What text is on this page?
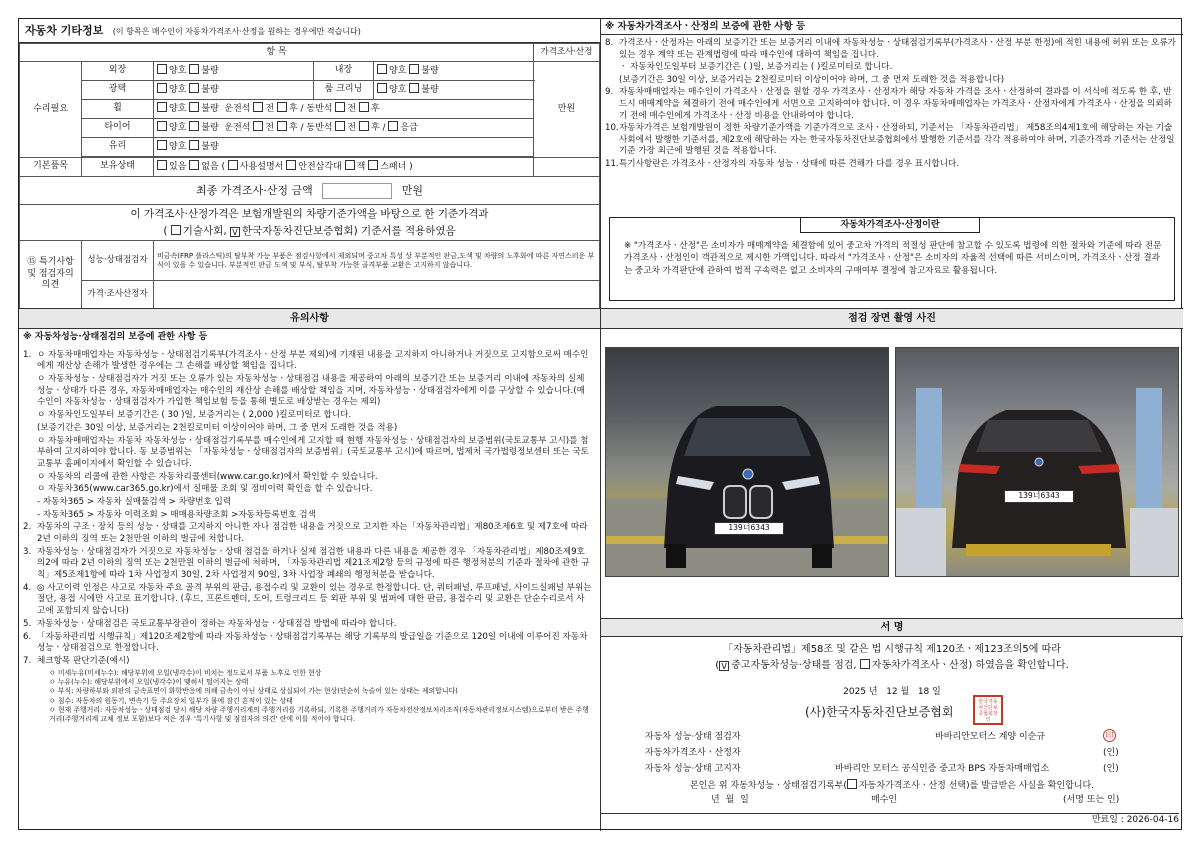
자동차 기타정보 (이 항목은 매수인이 자동차가격조사·산정을 원하는 경우에만 적습니다)
항 목					가격조사·산정
수리필요	외장	양호 불량	내장	양호 불량	만원
	광택	양호 불량	룸 크리닝	양호 불량	
	휠	양호 불량 운전석 전 후 / 동반석 전 후			
	타이어	양호 불량 운전석 전 후 / 동반석 전 후 / 응급			
	유리	양호 불량			

기본품목	보유상태	있음 없음 ( 사용설명서 안전삼각대 잭 스패너 )			
최종 가격조사·산정 금액 만원					

이 가격조사·산정가격은 보험개발원의 차량기준가액을 바탕으로 한 기준가격과
( 기술사회, V 한국자동차진단보증협회) 기준서를 적용하였음					

⑮ 특기사항 및 점검자의 의견	성능·상태점검자	비금속(FRP 플라스틱)의 탈부착 가능 부품은 점검사항에서 제외되며 중고차 특성 상 부분적인 판금,도색 및 차량의 노후화에 따른 자연스러운 부식이 있을 수 있습니다. 부분적인 판금 도색 및 부식, 탈부착 가능한 골격부품 교환은 고지하지 않습니다.			
	가격·조사산정자				
※ 자동차가격조사ㆍ산정의 보증에 관한 사항 등
8. 가격조사ㆍ산정자는 아래의 보증기간 또는 보증거리 이내에 자동차성능ㆍ상태점검기록부(가격조사ㆍ산정 부분 한정)에 적힌 내용에 허위 또는 오류가 있는 경우 계약 또는 관계법령에 따라 매수인에 대하여 책임을 집니다.
ㆍ 자동차인도일부터 보증기간은 ( )일, 보증거리는 ( )킬로미터로 합니다.
(보증기간은 30일 이상, 보증거리는 2천킬로미터 이상이어야 하며, 그 중 먼저 도래한 것을 적용합니다)
9. 자동차매매업자는 매수인이 가격조사ㆍ산정을 원할 경우 가격조사ㆍ산정자가 해당 자동차 가격을 조사ㆍ산정하여 결과를 이 서식에 적도록 한 후, 반드시 매매계약을 체결하기 전에 매수인에게 서면으로 고지하여야 합니다. 이 경우 자동차매매업자는 가격조사ㆍ산정자에게 가격조사ㆍ산정을 의뢰하기 전에 매수인에게 가격조사ㆍ산정 비용을 안내하여야 합니다.
10. 자동차가격은 보험개발원이 정한 차량기준가액을 기준가격으로 조사ㆍ산정하되, 기준서는 「자동차관리법」 제58조의4제1호에 해당하는 자는 기술사회에서 발행한 기준서를, 제2호에 해당하는 자는 한국자동차진단보증협회에서 발행한 기준서를 각각 적용하여야 하며, 기준가격과 기준서는 산정일 기준 가장 최근에 발행된 것을 적용합니다.
11. 특기사항란은 가격조사ㆍ산정자의 자동차 성능ㆍ상태에 따른 견해가 다를 경우 표시합니다.
자동차가격조사·산정이란
※ "가격조사ㆍ산정"은 소비자가 매매계약을 체결함에 있어 중고차 가격의 적절성 판단에 참고할 수 있도록 법령에 의한 절차와 기준에 따라 전문 가격조사ㆍ산정인이 객관적으로 제시한 가액입니다. 따라서 "가격조사ㆍ산정"은 소비자의 자율적 선택에 따른 서비스이며, 가격조사ㆍ산정 결과는 중고차 가격판단에 관하여 법적 구속력은 없고 소비자의 구매여부 결정에 참고자료로 활용됩니다.
유의사항
※ 자동차성능·상태점검의 보증에 관한 사항 등
1. ㅇ 자동차매매업자는 자동차성능ㆍ상태점검기록부(가격조사ㆍ산정 부분 제외)에 기재된 내용을 고지하지 아니하거나 거짓으로 고지함으로써 매수인에게 재산상 손해가 발생한 경우에는 그 손해를 배상할 책임을 집니다.
ㅇ 자동차성능ㆍ상태점검자가 거짓 또는 오류가 있는 자동차성능ㆍ상태점검 내용을 제공하여 아래의 보증기간 또는 보증거리 이내에 자동차의 실제 성능ㆍ상태가 다른 경우, 자동차매매업자는 매수인의 재산상 손해를 배상할 책임을 지며, 자동차성능ㆍ상태점검자에게 이를 구상할 수 있습니다.(매수인이 자동차성능ㆍ상태점검자가 가입한 책임보험 등을 통해 별도로 배상받는 경우는 제외)
ㅇ 자동차인도일부터 보증기간은 ( 30 )일, 보증거리는 ( 2,000 )킬로미터로 합니다.
(보증기간은 30일 이상, 보증거리는 2천킬로미터 이상이어야 하며, 그 중 먼저 도래한 것을 적용)
ㅇ 자동차매매업자는 자동차 자동차성능ㆍ상태점검기록부를 매수인에게 고지할 때 현행 자동차성능ㆍ상태점검자의 보증범위(국토교통부 고시)를 첨부하여 고지하여야 합니다. 동 보증범위는 「자동차성능ㆍ상태점검자의 보증범위」(국토교통부 고시)에 따르며, 법제처 국가법령정보센터 또는 국토교통부 홈페이지에서 확인할 수 있습니다.
ㅇ 자동차의 리콜에 관한 사항은 자동차리콜센터(www.car.go.kr)에서 확인할 수 있습니다.
ㅇ 자동차365(www.car365.go.kr)에서 실매물 조회 및 정비이력 확인을 할 수 있습니다.
- 자동차365 > 자동차 실매물검색 > 차량번호 입력
- 자동차365 > 자동차 이력조회 > 매매용차량조회 >자동차등록번호 검색
2. 자동차의 구조ㆍ장치 등의 성능ㆍ상태를 고지하지 아니한 자나 점검한 내용을 거짓으로 고지한 자는「자동차관리법」제80조제6호 및 제7호에 따라 2년 이하의 징역 또는 2천만원 이하의 벌금에 처합니다.
3. 자동차성능ㆍ상태점검자가 거짓으로 자동차성능ㆍ상태 점검을 하거나 실제 점검한 내용과 다른 내용을 제공한 경우 「자동차관리법」제80조제9호의2에 따라 2년 이하의 징역 또는 2천만원 이하의 벌금에 처하며, 「자동차관리법 제21조제2항 등의 규정에 따른 행정처분의 기준과 절차에 관한 규칙」제5조제1항에 따라 1차 사업정지 30일, 2차 사업정지 90일, 3차 사업장 폐쇄의 행정처분을 받습니다.
4. ◎ 사고이력 인정은 사고로 자동차 주요 골격 부위의 판금, 용접수리 및 교환이 있는 경우로 한정합니다. 단, 쿼터패널, 루프패널, 사이드실패널 부위는 절단, 용접 시에만 사고로 표기합니다. (후드, 프론트펜더, 도어, 트렁크리드 등 외판 부위 및 범퍼에 대한 판금, 용접수리 및 교환은 단순수리로서 사고에 포함되지 않습니다)
5. 자동차성능ㆍ상태점검은 국토교통부장관이 정하는 자동차성능ㆍ상태점검 방법에 따라야 합니다.
6. 「자동차관리법 시행규칙」제120조제2항에 따라 자동차성능ㆍ상태점검기록부는 해당 기록부의 발급일을 기준으로 120일 이내에 이루어진 자동차 성능ㆍ상태점검으로 한정합니다.
7. 체크항목 판단기준(예시)
ㅇ 미세누유(미세누수): 해당부위에 오일(냉각수)이 비치는 정도로서 부품 노후로 인한 현상
ㅇ 누유(누수): 해당부위에서 오일(냉각수)이 맺혀서 떨어지는 상태
ㅇ 부식: 차량하부와 외판의 금속표면이 화학반응에 의해 금속이 아닌 상태로 상실되어 가는 현상(단순히 녹슬어 있는 상태는 제외합니다)
ㅇ 침수: 자동차의 원동기, 변속기 등 주요장치 일부가 물에 잠긴 흔적이 있는 상태
ㅇ 현재 주행거리: 자동차성능ㆍ상태점검 당시 해당 차량 주행거리계의 주행거리를 기록하되, 기록한 주행거리가 자동차전산정보처리조직(자동차관리정보시스템)으로부터 받은 주행거리(주행거리계 교체 정보 포함)보다 적은 경우 '특기사항 및 점검자의 의견' 란에 이를 적어야 합니다.
점검 장면 촬영 사진
139너6343
139너6343
서 명
「자동차관리법」제58조 및 같은 법 시행규칙 제120조ㆍ제123조의5에 따라
( V 중고자동차성능·상태를 점검, 자동차가격조사ㆍ산정) 하였음을 확인합니다.
2025 년 12 월 18 일
(사)한국자동차진단보증협회
한국자동차진단보증협회장인
자동차 성능·상태 점검자	바바리안모터스 계양 이순규	印
자동차가격조사ㆍ산정자	(인)
자동차 성능·상태 고지자	바바리안 모터스 공식인증 중고차 BPS 자동차매매업소	(인)
본인은 위 자동차성능ㆍ상태점검기록부( 자동차가격조사ㆍ산정 선택)를 발급받은 사실을 확인합니다.
년 월 일	매수인	(서명 또는 인)
만료일 : 2026-04-16
